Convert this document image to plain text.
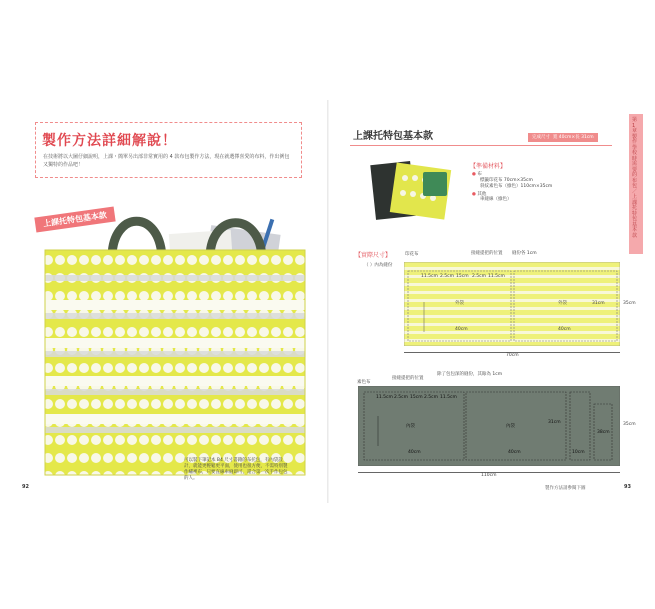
製作方法詳細解說！
在技術將以大圖仔細說明，上課・簡單另出部非常實用的 4 款布包製作方法，現在就選擇喜愛的布料，作出例包又獨特的作品吧！
上課托特包基本款
可以裝下筆記本 B4 尺寸書籍的布托包，有內袋設計，就能更輕鬆更平面，使用也很方便，不需特別製作繡裡布，只要直線車縫即可，還合第一次手作包包的人。
92
上課托特包基本款	完成尺寸 寬 40cm×長 31cm
第1章 製作學校時需要的布包／上課托特包基本款
【準備材料】
● 布
標籤印花布 70cm×35cm
斜紋素色布（綠色）110cm×35cm
● 其他
車縫線（綠色）
【實際尺寸】	印花布	接縫提把的位置 縫份各 1cm
（ ）內為縫份
11.5cm 2.5cm 15cm 2.5cm 11.5cm
外袋	外袋	31cm
40cm	40cm
35cm
70cm
素色布
接縫提把的位置
除了包包深的縫份，其餘為 1cm
11.5cm 2.5cm 15cm 2.5cm 11.5cm
內袋	內袋
31cm
40cm	40cm	10cm
38cm
35cm
110cm
製作方法請參閱下圖	93
